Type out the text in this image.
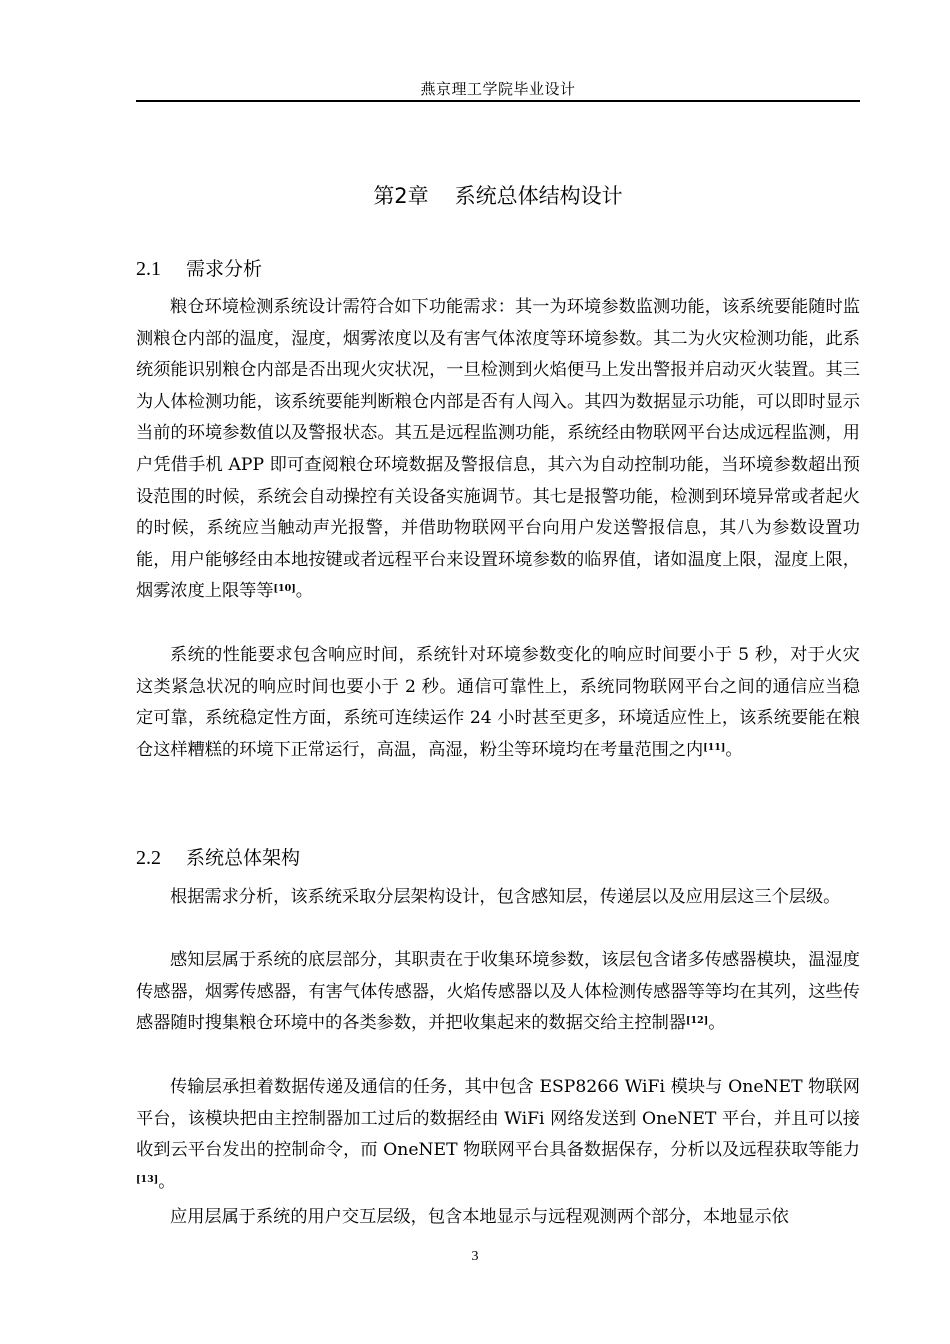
燕京理工学院毕业设计
第2章 系统总体结构设计
2.1 需求分析

粮仓环境检测系统设计需符合如下功能需求：其一为环境参数监测功能，该系统要能随时监测粮仓内部的温度，湿度，烟雾浓度以及有害气体浓度等环境参数。其二为火灾检测功能，此系统须能识别粮仓内部是否出现火灾状况，一旦检测到火焰便马上发出警报并启动灭火装置。其三为人体检测功能，该系统要能判断粮仓内部是否有人闯入。其四为数据显示功能，可以即时显示当前的环境参数值以及警报状态。其五是远程监测功能，系统经由物联网平台达成远程监测，用户凭借手机 APP 即可查阅粮仓环境数据及警报信息，其六为自动控制功能，当环境参数超出预设范围的时候，系统会自动操控有关设备实施调节。其七是报警功能，检测到环境异常或者起火的时候，系统应当触动声光报警，并借助物联网平台向用户发送警报信息，其八为参数设置功能，用户能够经由本地按键或者远程平台来设置环境参数的临界值，诸如温度上限，湿度上限，烟雾浓度上限等等[10]。

系统的性能要求包含响应时间，系统针对环境参数变化的响应时间要小于 5 秒，对于火灾这类紧急状况的响应时间也要小于 2 秒。通信可靠性上，系统同物联网平台之间的通信应当稳定可靠，系统稳定性方面，系统可连续运作 24 小时甚至更多，环境适应性上，该系统要能在粮仓这样糟糕的环境下正常运行，高温，高湿，粉尘等环境均在考量范围之内[11]。

2.2 系统总体架构

根据需求分析，该系统采取分层架构设计，包含感知层，传递层以及应用层这三个层级。

感知层属于系统的底层部分，其职责在于收集环境参数，该层包含诸多传感器模块，温湿度传感器，烟雾传感器，有害气体传感器，火焰传感器以及人体检测传感器等等均在其列，这些传感器随时搜集粮仓环境中的各类参数，并把收集起来的数据交给主控制器[12]。

传输层承担着数据传递及通信的任务，其中包含 ESP8266 WiFi 模块与 OneNET 物联网平台，该模块把由主控制器加工过后的数据经由 WiFi 网络发送到 OneNET 平台，并且可以接收到云平台发出的控制命令，而 OneNET 物联网平台具备数据保存，分析以及远程获取等能力[13]。

应用层属于系统的用户交互层级，包含本地显示与远程观测两个部分，本地显示依

3
